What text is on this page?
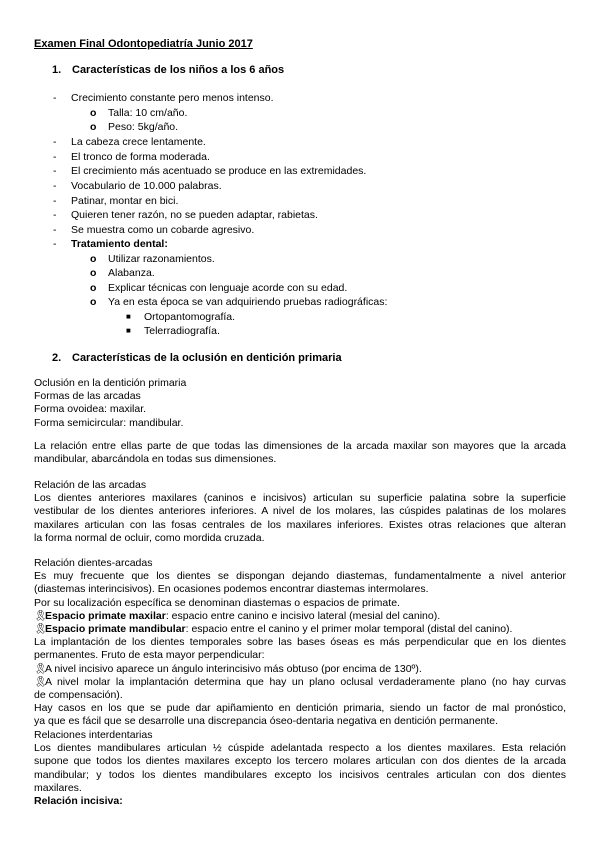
Examen Final Odontopediatría Junio 2017
1. Características de los niños a los 6 años
- Crecimiento constante pero menos intenso.
o Talla: 10 cm/año.
o Peso: 5kg/año.
- La cabeza crece lentamente.
- El tronco de forma moderada.
- El crecimiento más acentuado se produce en las extremidades.
- Vocabulario de 10.000 palabras.
- Patinar, montar en bici.
- Quieren tener razón, no se pueden adaptar, rabietas.
- Se muestra como un cobarde agresivo.
- Tratamiento dental:
o Utilizar razonamientos.
o Alabanza.
o Explicar técnicas con lenguaje acorde con su edad.
o Ya en esta época se van adquiriendo pruebas radiográficas:
■ Ortopantomografía.
■ Telerradiografía.
2. Características de la oclusión en dentición primaria
Oclusión en la dentición primaria
Formas de las arcadas
Forma ovoidea: maxilar.
Forma semicircular: mandibular.
La relación entre ellas parte de que todas las dimensiones de la arcada maxilar son mayores que la arcada
mandibular, abarcándola en todas sus dimensiones.
Relación de las arcadas
Los dientes anteriores maxilares (caninos e incisivos) articulan su superficie palatina sobre la superficie
vestibular de los dientes anteriores inferiores. A nivel de los molares, las cúspides palatinas de los molares
maxilares articulan con las fosas centrales de los maxilares inferiores. Existes otras relaciones que alteran
la forma normal de ocluir, como mordida cruzada.
Relación dientes-arcadas
Es muy frecuente que los dientes se dispongan dejando diastemas, fundamentalmente a nivel anterior
(diastemas interincisivos). En ocasiones podemos encontrar diastemas intermolares.
Por su localización específica se denominan diastemas o espacios de primate.
🎗Espacio primate maxilar: espacio entre canino e incisivo lateral (mesial del canino).
🎗Espacio primate mandibular: espacio entre el canino y el primer molar temporal (distal del canino).
La implantación de los dientes temporales sobre las bases óseas es más perpendicular que en los dientes
permanentes. Fruto de esta mayor perpendicular:
🎗A nivel incisivo aparece un ángulo interincisivo más obtuso (por encima de 130º).
🎗A nivel molar la implantación determina que hay un plano oclusal verdaderamente plano (no hay curvas
de compensación).
Hay casos en los que se pude dar apiñamiento en dentición primaria, siendo un factor de mal pronóstico,
ya que es fácil que se desarrolle una discrepancia óseo-dentaria negativa en dentición permanente.
Relaciones interdentarias
Los dientes mandibulares articulan ½ cúspide adelantada respecto a los dientes maxilares. Esta relación
supone que todos los dientes maxilares excepto los tercero molares articulan con dos dientes de la arcada
mandibular; y todos los dientes mandibulares excepto los incisivos centrales articulan con dos dientes
maxilares.
Relación incisiva:
